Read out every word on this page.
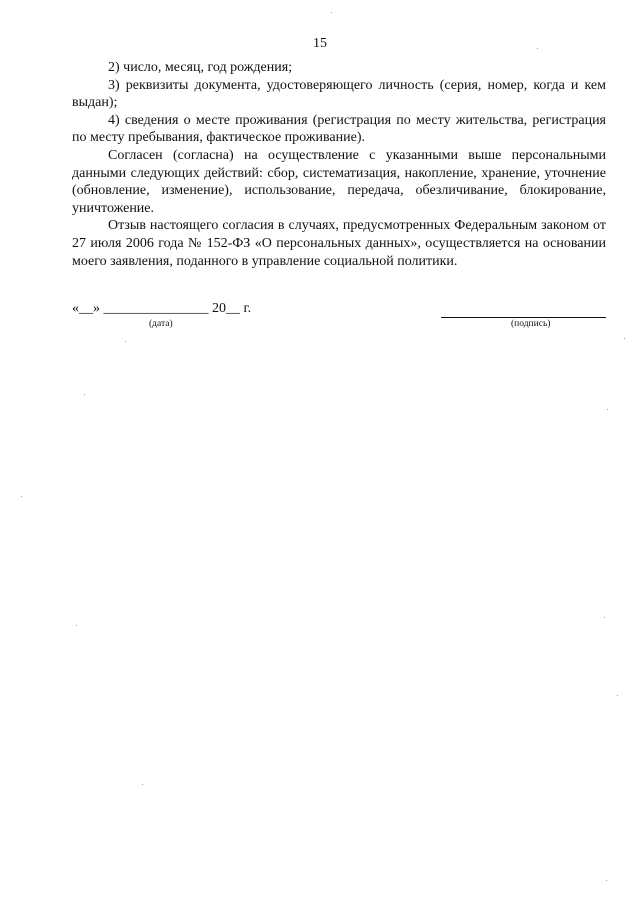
15

2) число, месяц, год рождения;

3) реквизиты документа, удостоверяющего личность (серия, номер, когда и кем выдан);

4) сведения о месте проживания (регистрация по месту жительства, регистрация по месту пребывания, фактическое проживание).

Согласен (согласна) на осуществление с указанными выше персональными данными следующих действий: сбор, систематизация, накопление, хранение, уточнение (обновление, изменение), использование, передача, обезличивание, блокирование, уничтожение.

Отзыв настоящего согласия в случаях, предусмотренных Федеральным законом от 27 июля 2006 года № 152-ФЗ «О персональных данных», осуществляется на основании моего заявления, поданного в управление социальной политики.

«__» _______________ 20__ г.
(дата)	(подпись)
